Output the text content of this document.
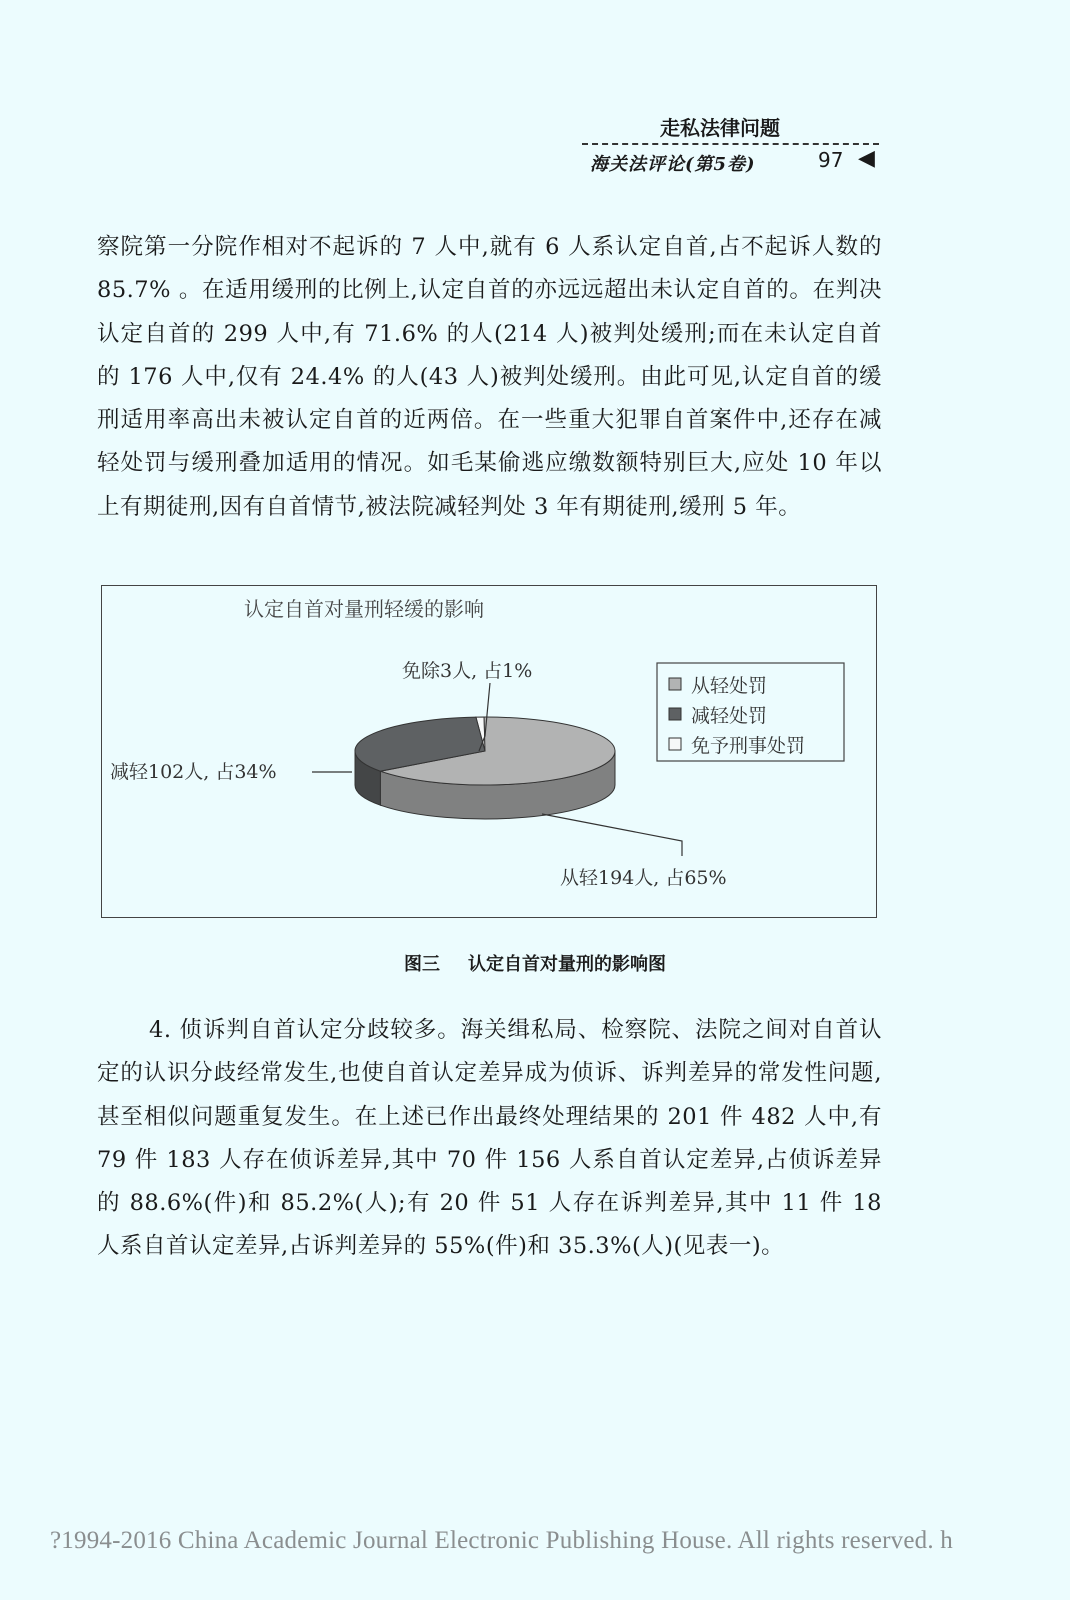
走私法律问题
海关法评论(第5卷)	97 ◀
察院第一分院作相对不起诉的 7 人中,就有 6 人系认定自首,占不起诉人数的 85.7% 。在适用缓刑的比例上,认定自首的亦远远超出未认定自首的。在判决认定自首的 299 人中,有 71.6% 的人(214 人)被判处缓刑;而在未认定自首的 176 人中,仅有 24.4% 的人(43 人)被判处缓刑。由此可见,认定自首的缓刑适用率高出未被认定自首的近两倍。在一些重大犯罪自首案件中,还存在减轻处罚与缓刑叠加适用的情况。如毛某偷逃应缴数额特别巨大,应处 10 年以上有期徒刑,因有自首情节,被法院减轻判处 3 年有期徒刑,缓刑 5 年。
认定自首对量刑轻缓的影响
免除3人, 占1%
减轻102人, 占34%
从轻194人, 占65%
从轻处罚
减轻处罚
免予刑事处罚
图三 认定自首对量刑的影响图
4. 侦诉判自首认定分歧较多。海关缉私局、检察院、法院之间对自首认定的认识分歧经常发生,也使自首认定差异成为侦诉、诉判差异的常发性问题,甚至相似问题重复发生。在上述已作出最终处理结果的 201 件 482 人中,有 79 件 183 人存在侦诉差异,其中 70 件 156 人系自首认定差异,占侦诉差异的 88.6%(件)和 85.2%(人);有 20 件 51 人存在诉判差异,其中 11 件 18 人系自首认定差异,占诉判差异的 55%(件)和 35.3%(人)(见表一)。
?1994-2016 China Academic Journal Electronic Publishing House. All rights reserved. h
